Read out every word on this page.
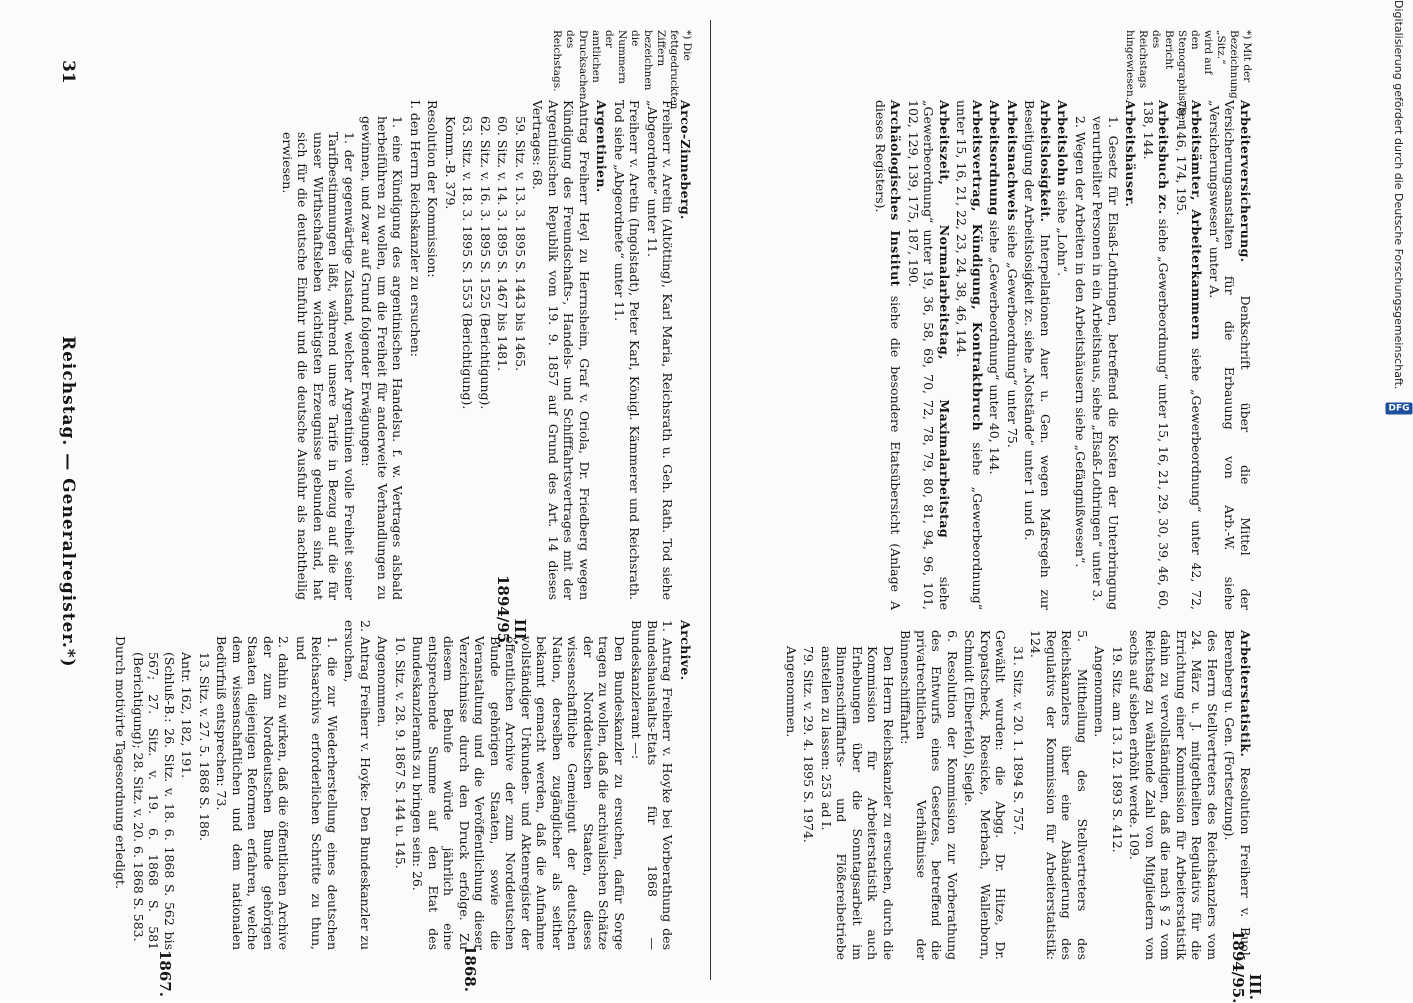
31
Reichstag. — Generalregister.*)
1867.	1868.
III. 1894/95.
III. 1894/95.

Archive.

1. Antrag Freiherr v. Hoyke bei Vorberathung des Bundeshaushalts-Etats für 1868 — Bundeskanzleramt —:

Den Bundeskanzler zu ersuchen, dafür Sorge tragen zu wollen, daß die archivalischen Schätze der Norddeutschen Staaten, dieses wissenschaftliche Gemeingut der deutschen Nation, derselben zugänglicher als seither bekannt gemacht werden, daß die Aufnahme vollständiger Urkunden- und Aktenregister der öffentlichen Archive der zum Norddeutschen Bunde gehörigen Staaten, sowie die Veranstaltung und die Veröffentlichung dieser Verzeichnisse durch den Druck erfolge. Zu diesem Behufe würde jährlich eine entsprechende Summe auf den Etat des Bundeskanzleramts zu bringen sein: 26.

10. Sitz. v. 28. 9. 1867 S. 144 u. 145.

Angenommen.

2. Antrag Freiherr v. Hoyke: Den Bundeskanzler zu ersuchen,

1. die zur Wiederherstellung eines deutschen Reichsarchivs erforderlichen Schritte zu thun, und

2. dahin zu wirken, daß die öffentlichen Archive der zum Norddeutschen Bunde gehörigen Staaten diejenigen Reformen erfahren, welche dem wissenschaftlichen und dem nationalen Bedürfniß entsprechen: 73.

13. Sitz. v. 27. 5. 1868 S. 186.

Antr. 162, 182, 191.

(Schluß-B.: 26. Sitz. v. 18. 6. 1868 S. 562 bis 567; 27. Sitz. v. 19. 6. 1868 S. 581 (Berichtigung); 28. Sitz. v. 20. 6. 1868 S. 583.

Durch motivirte Tagesordnung erledigt.

Arco-Zinneberg.

Freiherr v. Aretin (Altötting), Karl Maria, Reichsrath u. Geh. Rath. Tod siehe „Abgeordnete“ unter 11.

Freiherr v. Aretin (Ingolstadt), Peter Karl, Königl. Kämmerer und Reichsrath. Tod siehe „Abgeordnete“ unter 11.

Argentinien.

Antrag Freiherr Heyl zu Herrnsheim, Graf v. Oriola, Dr. Friedberg wegen Kündigung des Freundschafts-, Handels- und Schifffahrtsvertrages mit der Argentinischen Republik vom 19. 9. 1857 auf Grund des Art. 14 dieses Vertrages: 68.

59. Sitz. v. 13. 3. 1895 S. 1443 bis 1465.

60. Sitz. v. 14. 3. 1895 S. 1467 bis 1481.

62. Sitz. v. 16. 3. 1895 S. 1525 (Berichtigung).

63. Sitz. v. 18. 3. 1895 S. 1553 (Berichtigung).

Komm.-B. 379.

Resolution der Kommission:

I. den Herrn Reichskanzler zu ersuchen:

1. eine Kündigung des argentinischen Handelsu. f. w. Vertrages alsbald herbeiführen zu wollen, um die Freiheit für anderweite Verhandlungen zu gewinnen, und zwar auf Grund folgender Erwägungen:

1. der gegenwärtige Zustand, welcher Argentinien volle Freiheit seiner Tarifbestimmungen läßt, während unsere Tarife in Bezug auf die für unser Wirthschaftsleben wichtigsten Erzeugnisse gebunden sind, hat sich für die deutsche Einfuhr und die deutsche Ausfuhr als nachtheilig erwiesen.

*) Die fettgedruckten Ziffern bezeichnen die Nummern der amtlichen Drucksachen des Reichstags.

Arbeiterstatistik. Resolution Freiherr v. Buol-Berenberg u. Gen. (Fortsetzung).

des Herrn Stellvertreters des Reichskanzlers vom 24. März u. J. mitgetheilten Regulativs für die Errichtung einer Kommission für Arbeiterstatistik dahin zu vervollständigen, daß die nach § 2 vom Reichstag zu wählende Zahl von Mitgliedern von sechs auf sieben erhöht werde. 109.

19. Sitz. am 13. 12. 1893 S. 412.

Angenommen.

5. Mittheilung des Stellvertreters des Reichskanzlers über eine Abänderung des Regulativs der Kommission für Arbeiterstatistik: 124.

31. Sitz. v. 20. 1. 1894 S. 757.

Gewählt wurden: die Abgg. Dr. Hitze, Dr. Kropatscheck, Roesicke, Merbach, Wallenborn, Schmidt (Elberfeld), Siegle.

6. Resolution der Kommission zur Vorberathung des Entwurfs eines Gesetzes, betreffend die privatrechtlichen Verhältnisse der Binnenschifffahrt:

Den Herrn Reichskanzler zu ersuchen, durch die Kommission für Arbeiterstatistik auch Erhebungen über die Sonntagsarbeit im Binnenschifffahrts- und Flößereibetriebe anstellen zu lassen: 253 ad I.

79. Sitz. v. 29. 4. 1895 S. 1974.

Angenommen.

Arbeiterversicherung. Denkschrift über die Mittel der Versicherungsanstalten für die Erbauung von Arb.-W. siehe „Versicherungswesen“ unter A.

Arbeitsämter, Arbeiterkammern siehe „Gewerbeordnung“ unter 42, 72, 78, 146, 174, 195.

Arbeitsbuch zc. siehe „Gewerbeordnung“ unter 15, 16, 21, 29, 30, 39, 46, 60, 138, 144.

Arbeitshäuser.

1. Gesetz für Elsaß-Lothringen, betreffend die Kosten der Unterbringung verurtheilter Personen in ein Arbeitshaus, siehe „Elsaß-Lothringen“ unter 3.

2. Wegen der Arbeiten in den Arbeitshäusern siehe „Gefängnißwesen“.

Arbeitslohn siehe „Lohn“.

Arbeitslosigkeit. Interpellationen Auer u. Gen. wegen Maßregeln zur Beseitigung der Arbeitslosigkeit zc. siehe „Notstände“ unter 1 und 6.

Arbeitsnachweis siehe „Gewerbeordnung“ unter 75.

Arbeitsordnung siehe „Gewerbeordnung“ unter 40, 144.

Arbeitsvertrag, Kündigung, Kontraktbruch siehe „Gewerbeordnung“ unter 15, 16, 21, 22, 23, 24, 38, 46, 144.

Arbeitszeit, Normalarbeitstag, Maximalarbeitstag siehe „Gewerbeordnung“ unter 19, 36, 58, 69, 70, 72, 78, 79, 80, 81, 94, 96, 101, 102, 129, 139, 175, 187, 190.

Archäologisches Institut siehe die besondere Etatsübersicht (Anlage A dieses Registers).

*) Mit der Bezeichnung „Sitz.“ wird auf den Stenographischen Bericht des Reichstags hingewiesen.	Digitalisierung gefördert durch die Deutsche Forschungsgemeinschaft.
DFG
